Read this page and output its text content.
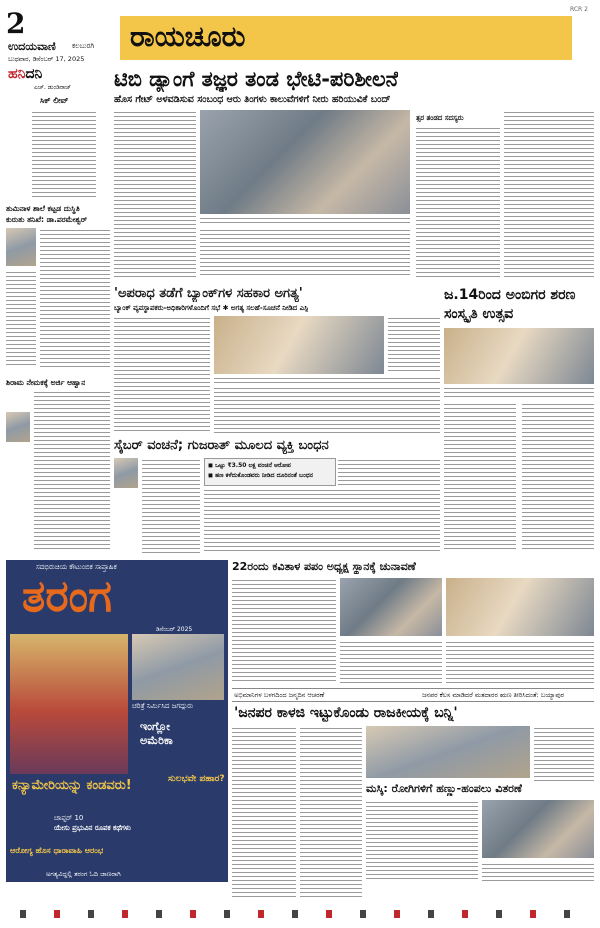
2
ಉದಯವಾಣಿ ಕಲಬುರಗಿ
ಬುಧವಾರ, ಡಿಸೆಂಬರ್ 17, 2025
ರಾಯಚೂರು
RCR 2
ಹನಿದನಿ
ಎಚ್. ಡುಂಡಿರಾಜ್
ಸಿಕ್ ಲೀವ್
ತುಮಿನಾಳ ಶಾಲೆ ಕಟ್ಟಡ ದುಸ್ಥಿತಿ
ಕುರುತು ತನಿಖೆ: ಡಾ.ಪರಮೇಶ್ವರ್
ಶಿರಾಮ ನೇಮಕಕ್ಕೆ ಅರ್ಜಿ ಆಹ್ವಾನ
ಟಿಬಿ ಡ್ಯಾಂಗೆ ತಜ್ಞರ ತಂಡ ಭೇಟಿ-ಪರಿಶೀಲನೆ
ಹೊಸ ಗೇಟ್ ಅಳವಡಿಸುವ ಸಂಬಂಧ ಆರು ತಿಂಗಳು ಕಾಲುವೆಗಳಿಗೆ ನೀರು ಹರಿಯುವಿಕೆ ಬಂದ್
ತ್ಸರ ತಂಡದ ಸದಸ್ಯರು
'ಅಪರಾಧ ತಡೆಗೆ ಬ್ಯಾಂಕ್‌ಗಳ ಸಹಕಾರ ಅಗತ್ಯ'
ಬ್ಯಾಂಕ್ ವ್ಯವಸ್ಥಾಪಕರು-ಅಧಿಕಾರಿಗಳೊಂದಿಗೆ ಸಭೆ ✱ ಅಗತ್ಯ ಸಲಹೆ-ಸೂಚನೆ ನೀಡಿದ ಎಸ್ಪಿ
ಸೈಬರ್ ವಂಚನೆ; ಗುಜರಾತ್ ಮೂಲದ ವ್ಯಕ್ತಿ ಬಂಧನ
◼ ಒಟ್ಟು ₹3.50 ಲಕ್ಷ ವಂಚನೆ ಆರೋಪ
◼ ಹಣ ಕಳೆದುಕೊಂಡವರು ನೀಡಿದ ದೂರಿನಂತೆ ಬಂಧನ
ಜ.14ರಿಂದ ಅಂಬಿಗರ ಶರಣ ಸಂಸ್ಕೃತಿ ಉತ್ಸವ
ಸದಭಿರುಚಿಯ ಕೌಟುಂಬಿಕ ಸಾಪ್ತಾಹಿಕ
ತರಂಗ
ಡಿಸೆಂಬರ್ 2025
ಚರಿತ್ರೆ ನಿರ್ಮಿಸಿದ ಜಗದ್ಗುರು
ಇಂಗ್ಲೋ
ಅಮೆರಿಕಾ
ಸುಲಭವೇ ಪಹಾರ?
ಕನ್ಯಾಮೇರಿಯನ್ನು ಕಂಡವರು!
ಚಾಪ್ಟರ್ 10
ಯೇಸು ಪ್ರಭುವಿನ ರೂಪಕ ಕಥೆಗಳು
ಆರೋಗ್ಯ ಹೊಸ ಧಾರಾವಾಹಿ ಆರಂಭ
ಅಗತ್ಯವಿದ್ದಲ್ಲಿ ತರಂಗ ಓದಿ ಜಾಣರಾಗಿ
22ರಂದು ಕವಿತಾಳ ಪಪಂ ಅಧ್ಯಕ್ಷ ಸ್ಥಾನಕ್ಕೆ ಚುನಾವಣೆ
ಅಭಿಮಾನಿಗಳ ಬಳಗದಿಂದ ಜನ್ಮದಿನ ಆಚರಣೆ	ಜನಪರ ಕೆಲಸ ಮಾಡಿದರೆ ಮತದಾರರ ಋಣ ತೀರಿಸಿದಂತೆ: ಬಯ್ಯಾಪುರ
'ಜನಪರ ಕಾಳಜಿ ಇಟ್ಟುಕೊಂಡು ರಾಜಕೀಯಕ್ಕೆ ಬನ್ನಿ'
ಮಸ್ಕಿ: ರೋಗಿಗಳಿಗೆ ಹಣ್ಣು-ಹಂಪಲು ವಿತರಣೆ
